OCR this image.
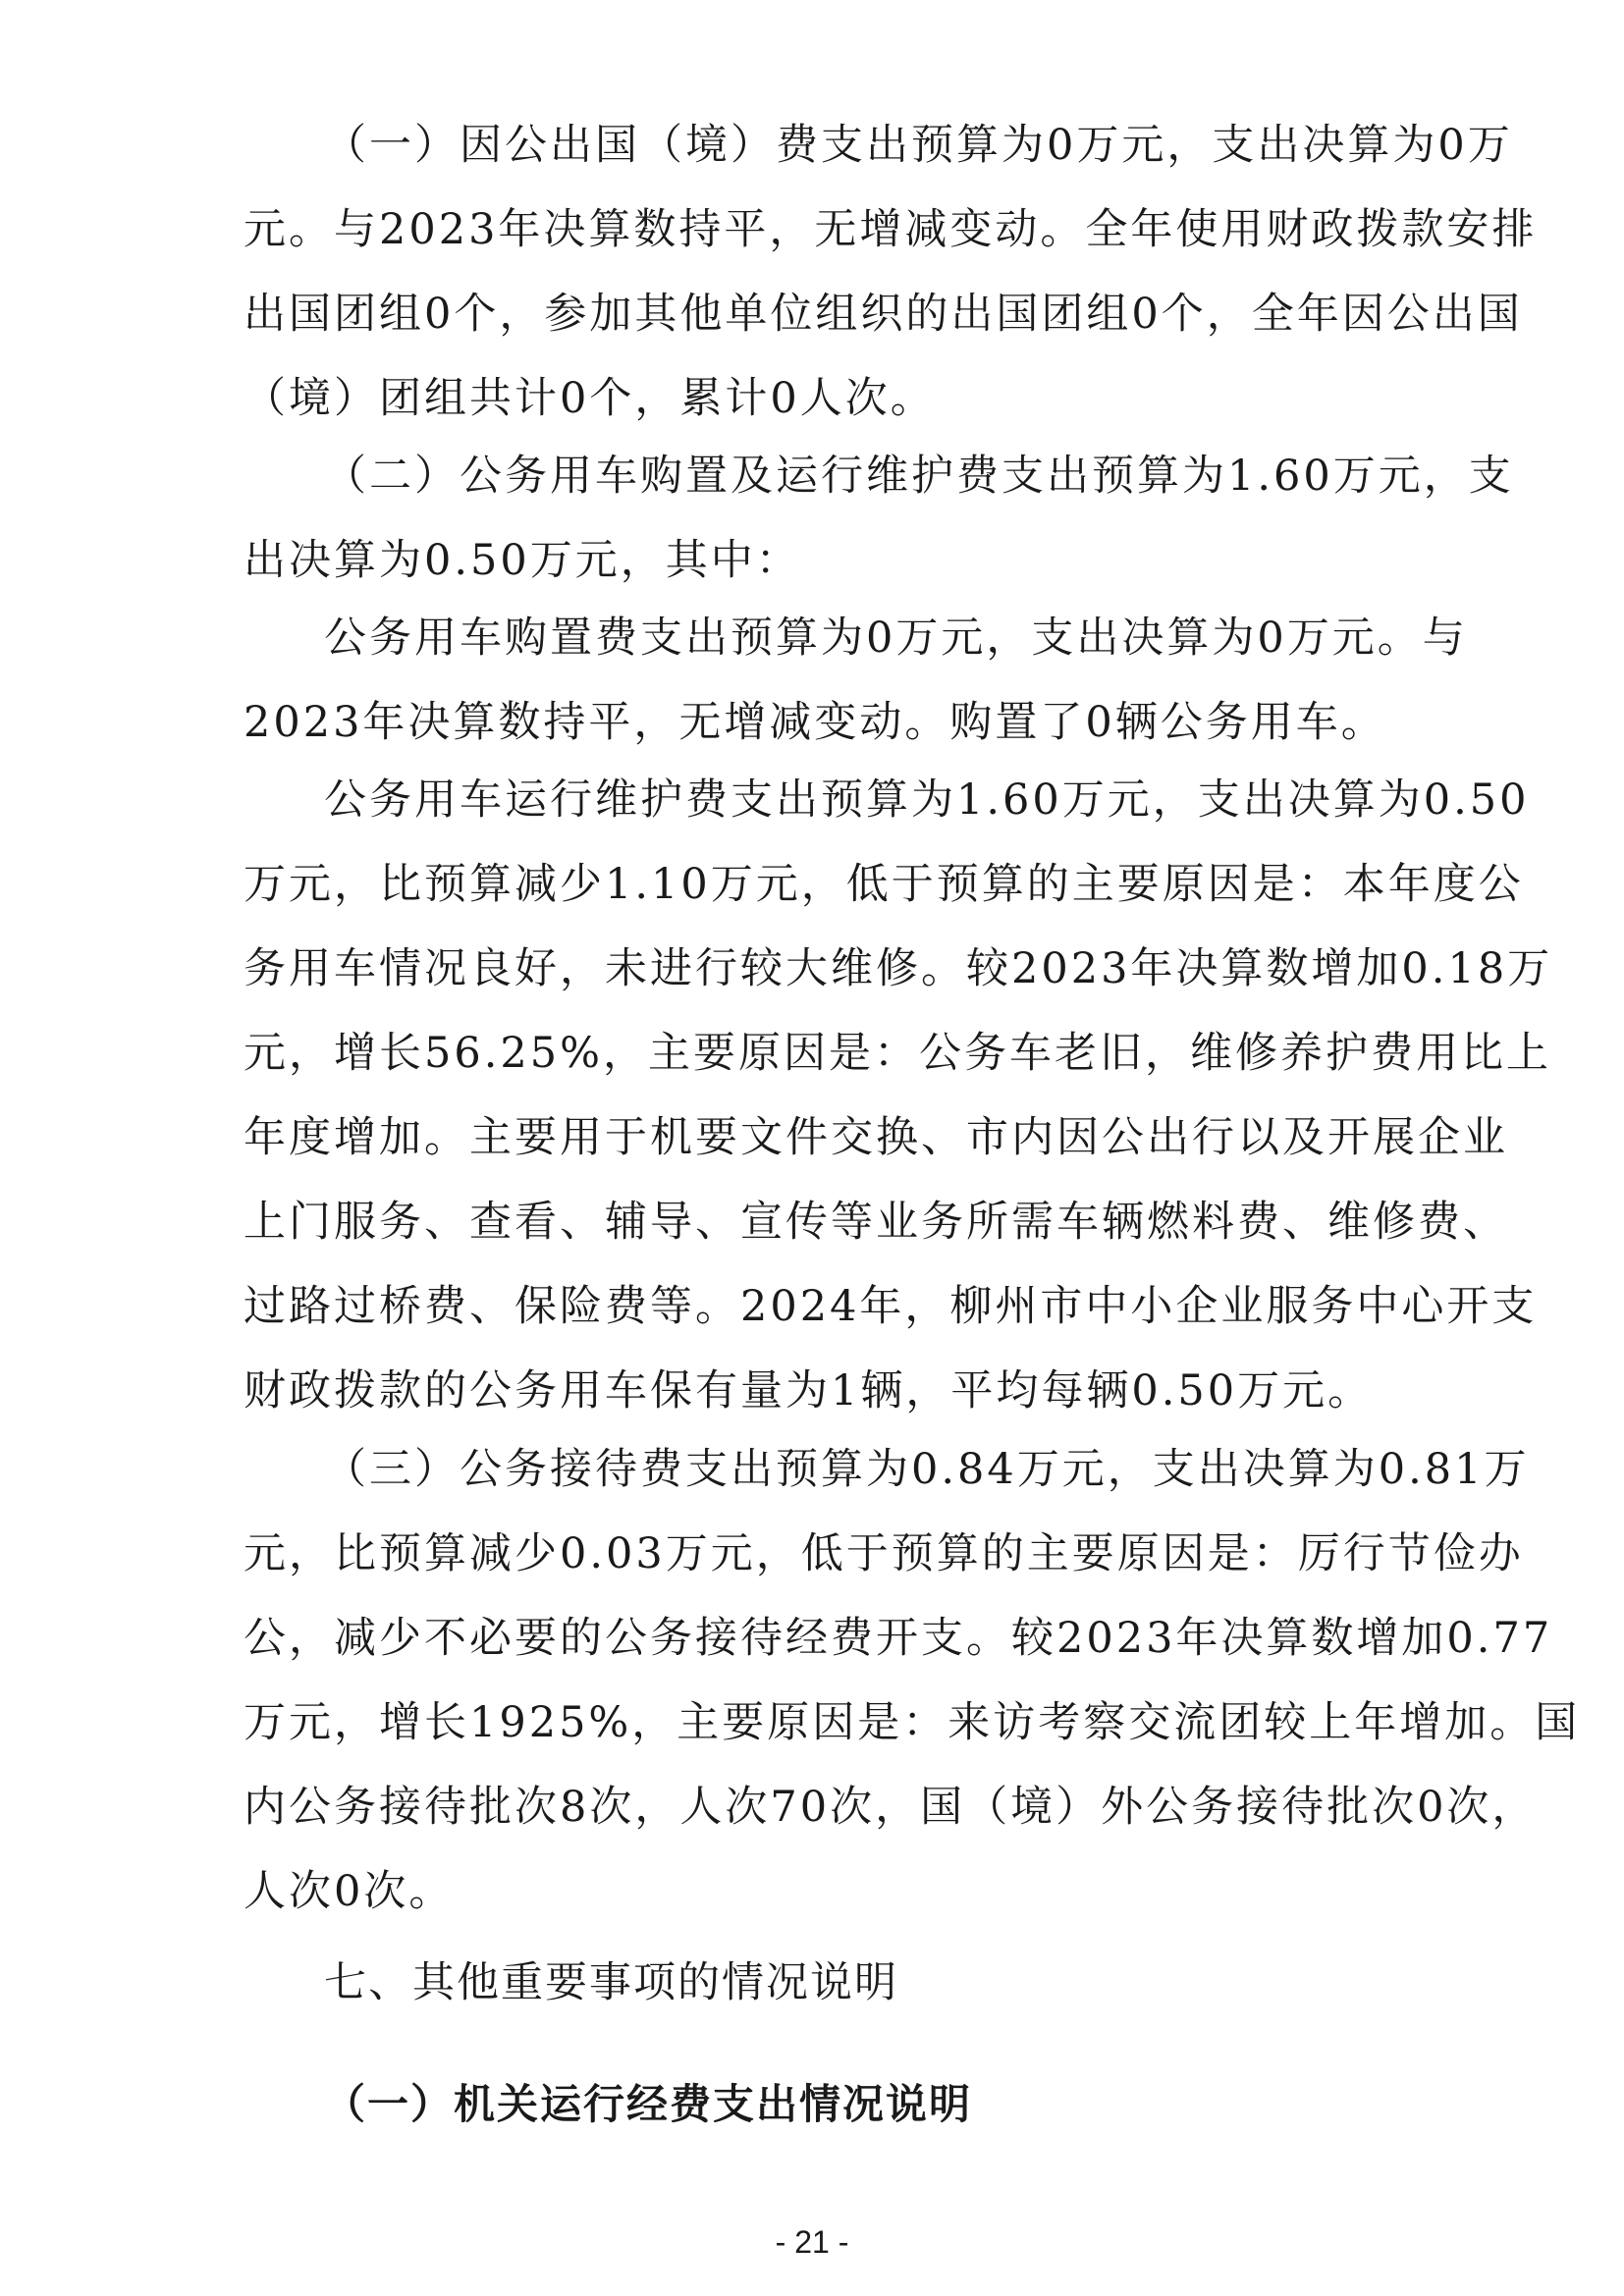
（一）因公出国（境）费支出预算为0万元，支出决算为0万
元。与2023年决算数持平，无增减变动。全年使用财政拨款安排
出国团组0个，参加其他单位组织的出国团组0个，全年因公出国
（境）团组共计0个，累计0人次。
（二）公务用车购置及运行维护费支出预算为1.60万元，支
出决算为0.50万元，其中：
公务用车购置费支出预算为0万元，支出决算为0万元。与
2023年决算数持平，无增减变动。购置了0辆公务用车。
公务用车运行维护费支出预算为1.60万元，支出决算为0.50
万元，比预算减少1.10万元，低于预算的主要原因是：本年度公
务用车情况良好，未进行较大维修。较2023年决算数增加0.18万
元，增长56.25%，主要原因是：公务车老旧，维修养护费用比上
年度增加。主要用于机要文件交换、市内因公出行以及开展企业
上门服务、查看、辅导、宣传等业务所需车辆燃料费、维修费、
过路过桥费、保险费等。2024年，柳州市中小企业服务中心开支
财政拨款的公务用车保有量为1辆，平均每辆0.50万元。
（三）公务接待费支出预算为0.84万元，支出决算为0.81万
元，比预算减少0.03万元，低于预算的主要原因是：厉行节俭办
公，减少不必要的公务接待经费开支。较2023年决算数增加0.77
万元，增长1925%，主要原因是：来访考察交流团较上年增加。国
内公务接待批次8次，人次70次，国（境）外公务接待批次0次，
人次0次。
七、其他重要事项的情况说明
（一）机关运行经费支出情况说明
- 21 -
